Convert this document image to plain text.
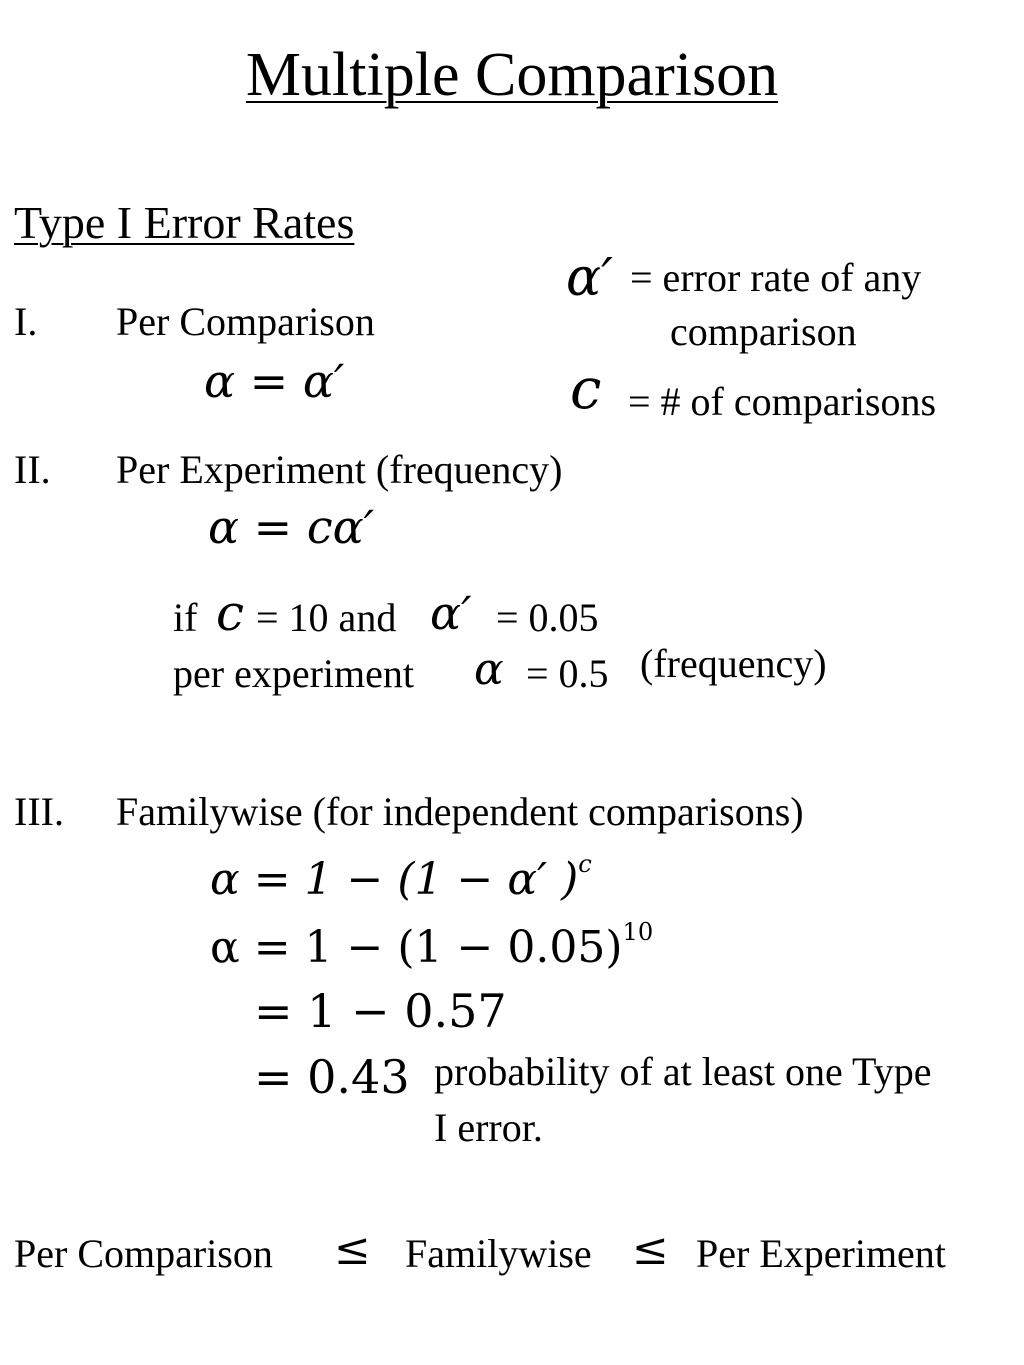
Multiple Comparison
Type I Error Rates
α′ = error rate of any
comparison
c = # of comparisons
I. Per Comparison
α = α′
II. Per Experiment (frequency)
α = cα′
if c = 10 and α′ = 0.05
per experiment α = 0.5 (frequency)
III. Familywise (for independent comparisons)
α = 1 − (1 − α′ )$^c$
$\alpha = 1 - (1 - 0.05)^{10}$
= 1 − 0.57
= 0.43 probability of at least one Type
I error.
Per Comparison ≤ Familywise ≤ Per Experiment
